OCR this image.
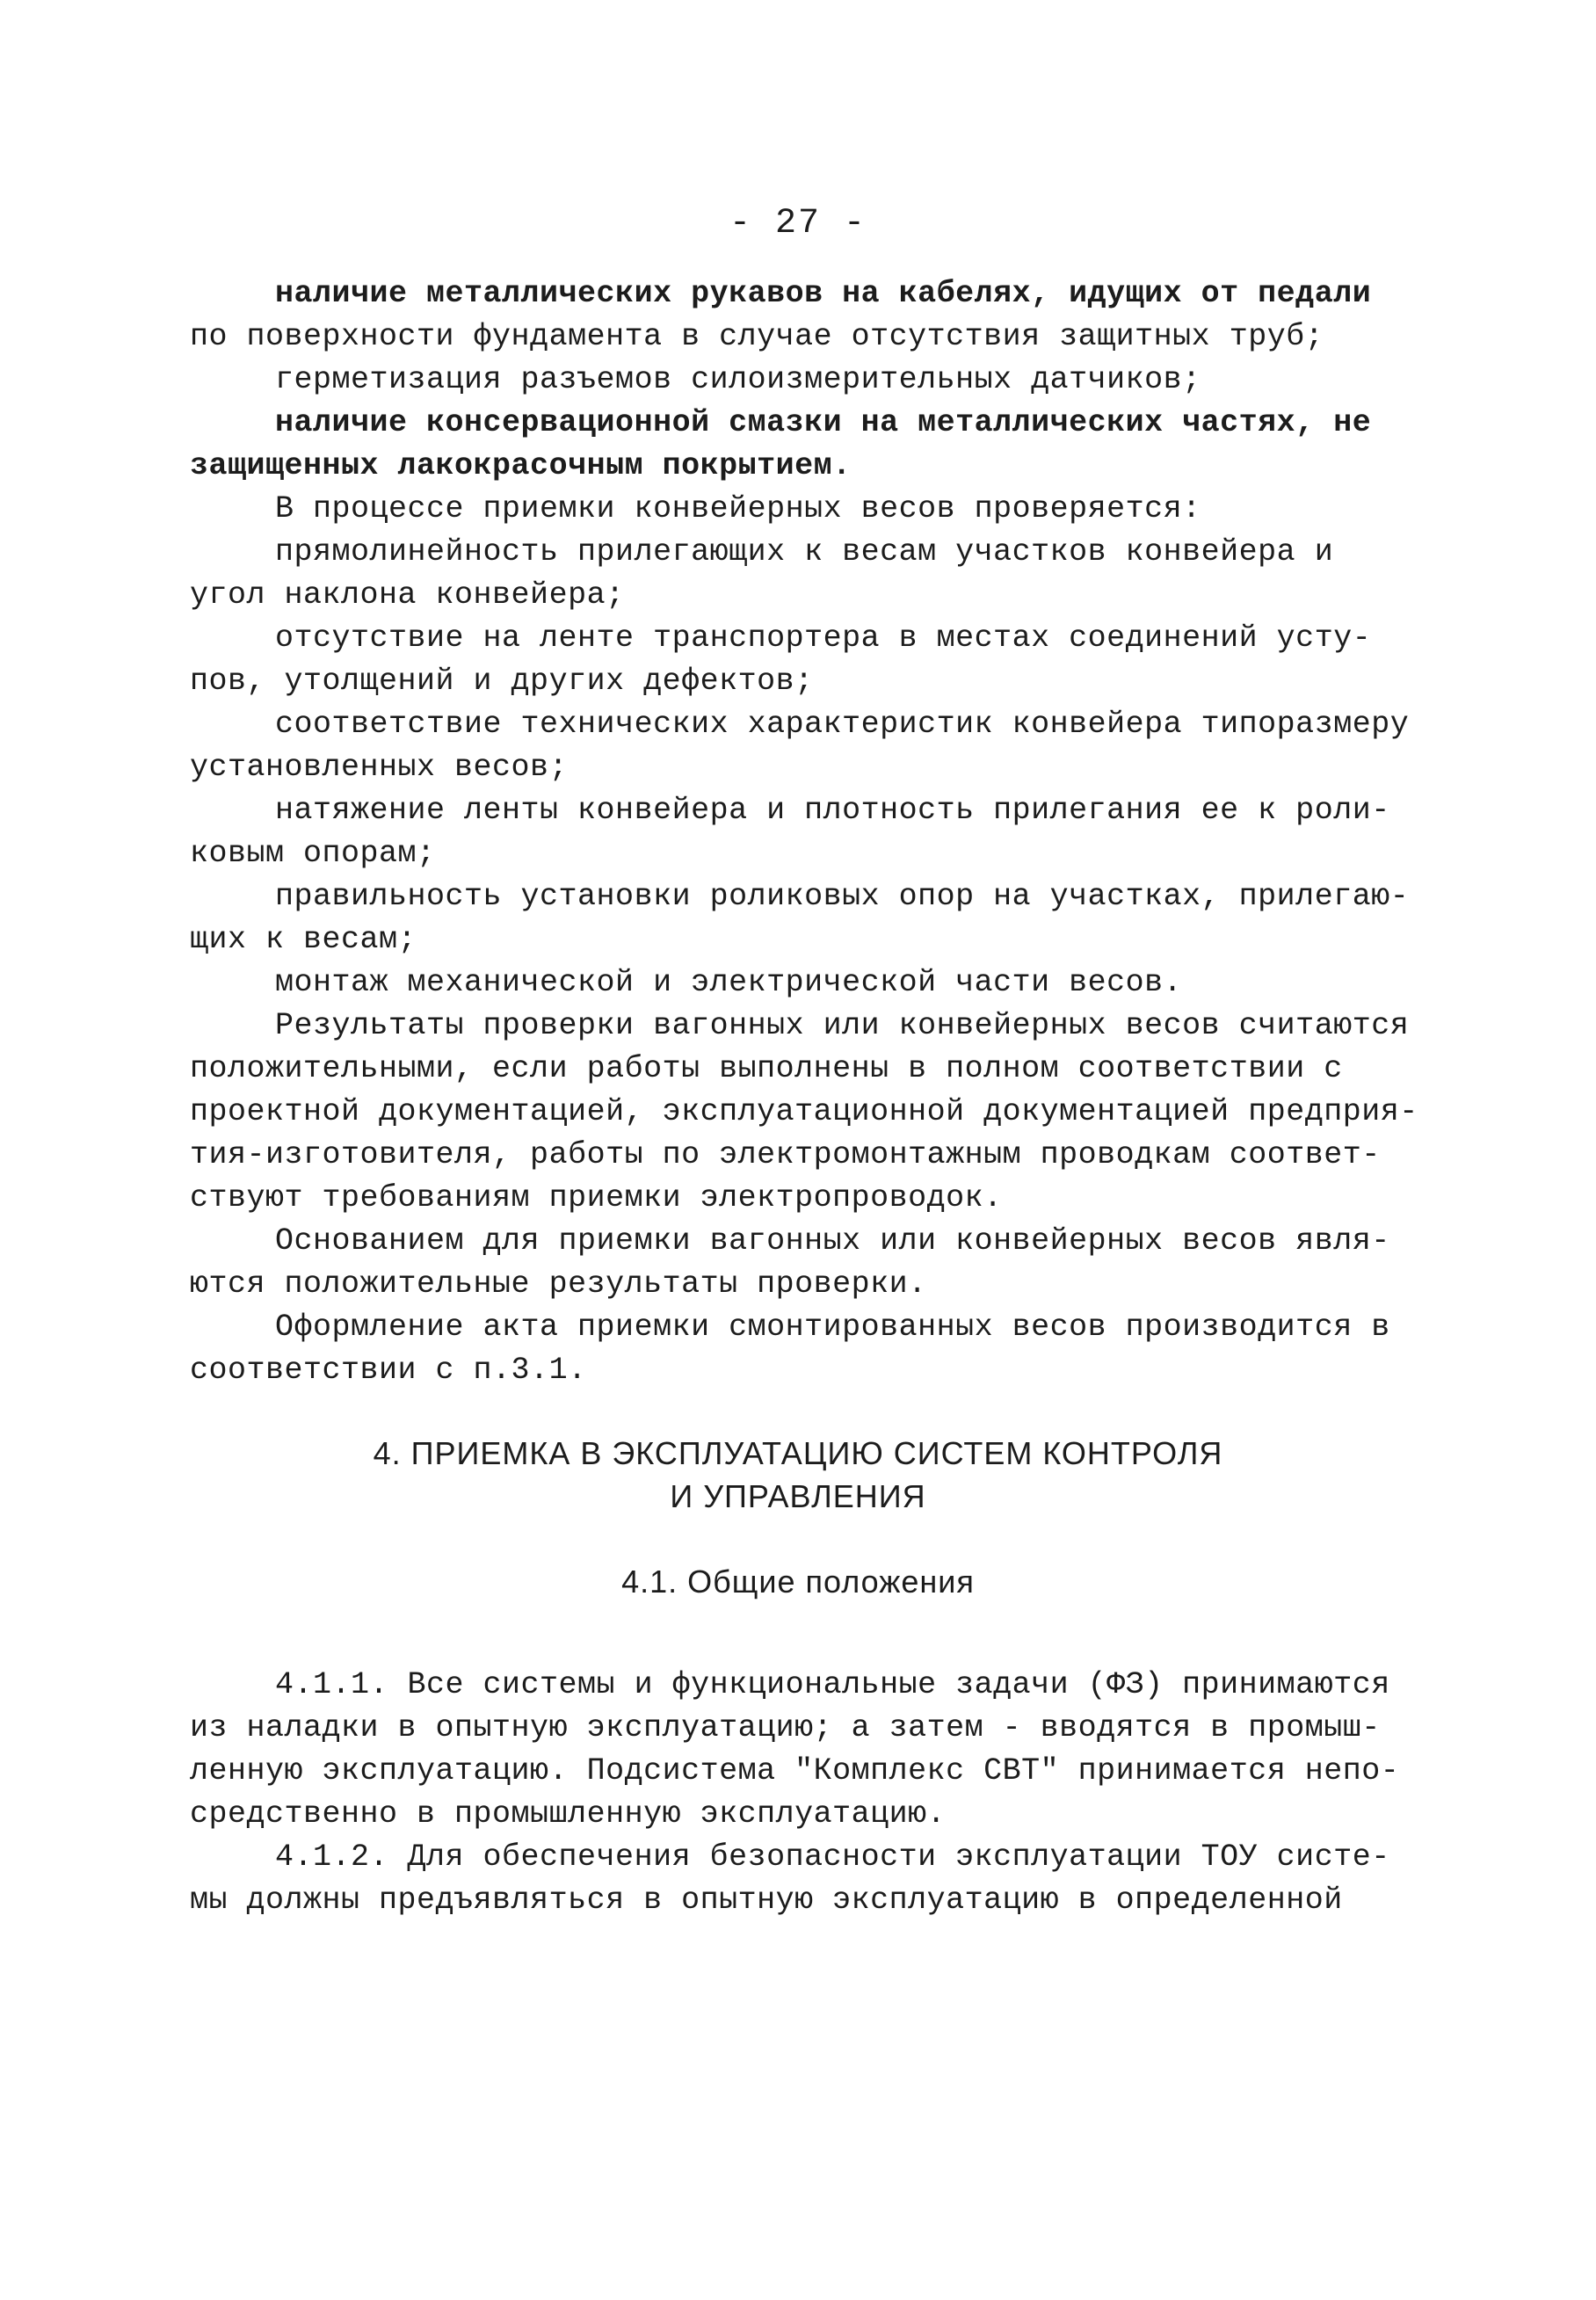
- 27 -
наличие металлических рукавов на кабелях, идущих от педали
по поверхности фундамента в случае отсутствия защитных труб;
герметизация разъемов силоизмерительных датчиков;
наличие консервационной смазки на металлических частях, не
защищенных лакокрасочным покрытием.
В процессе приемки конвейерных весов проверяется:
прямолинейность прилегающих к весам участков конвейера и
угол наклона конвейера;
отсутствие на ленте транспортера в местах соединений усту-
пов, утолщений и других дефектов;
соответствие технических характеристик конвейера типоразмеру
установленных весов;
натяжение ленты конвейера и плотность прилегания ее к роли-
ковым опорам;
правильность установки роликовых опор на участках, прилегаю-
щих к весам;
монтаж механической и электрической части весов.
Результаты проверки вагонных или конвейерных весов считаются
положительными, если работы выполнены в полном соответствии с
проектной документацией, эксплуатационной документацией предприя-
тия-изготовителя, работы по электромонтажным проводкам соответ-
ствуют требованиям приемки электропроводок.
Основанием для приемки вагонных или конвейерных весов явля-
ются положительные результаты проверки.
Оформление акта приемки смонтированных весов производится в
соответствии с п.3.1.
4. ПРИЕМКА В ЭКСПЛУАТАЦИЮ СИСТЕМ КОНТРОЛЯ
И УПРАВЛЕНИЯ
4.1. Общие положения
4.1.1. Все системы и функциональные задачи (ФЗ) принимаются
из наладки в опытную эксплуатацию; а затем - вводятся в промыш-
ленную эксплуатацию. Подсистема "Комплекс СВТ" принимается непо-
средственно в промышленную эксплуатацию.
4.1.2. Для обеспечения безопасности эксплуатации ТОУ систе-
мы должны предъявляться в опытную эксплуатацию в определенной
